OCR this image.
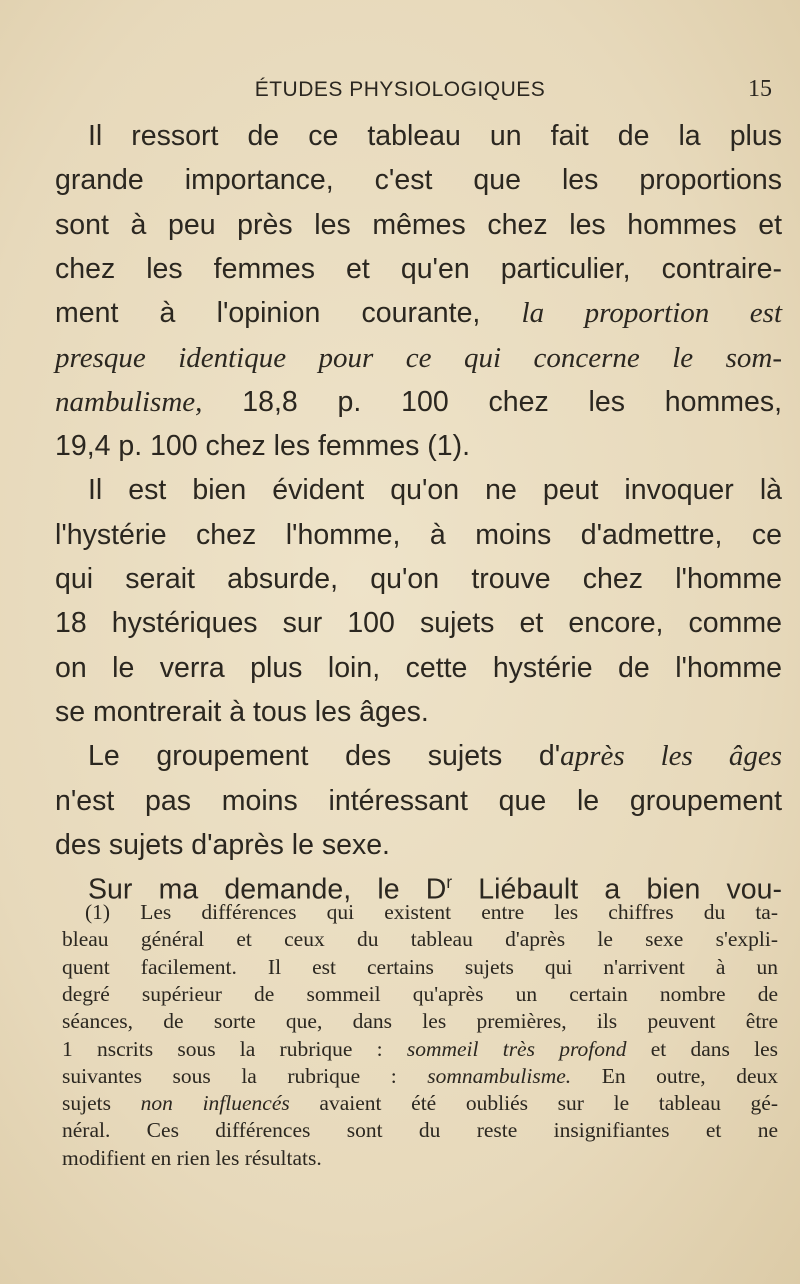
ÉTUDES PHYSIOLOGIQUES	15
Il ressort de ce tableau un fait de la plus
grande importance, c'est que les proportions
sont à peu près les mêmes chez les hommes et
chez les femmes et qu'en particulier, contraire-
ment à l'opinion courante, la proportion est
presque identique pour ce qui concerne le som-
nambulisme, 18,8 p. 100 chez les hommes,
19,4 p. 100 chez les femmes (1).
Il est bien évident qu'on ne peut invoquer là
l'hystérie chez l'homme, à moins d'admettre, ce
qui serait absurde, qu'on trouve chez l'homme
18 hystériques sur 100 sujets et encore, comme
on le verra plus loin, cette hystérie de l'homme
se montrerait à tous les âges.
Le groupement des sujets d'après les âges
n'est pas moins intéressant que le groupement
des sujets d'après le sexe.
Sur ma demande, le $D^r$ Liébault a bien vou-
(1) Les différences qui existent entre les chiffres du ta-
bleau général et ceux du tableau d'après le sexe s'expli-
quent facilement. Il est certains sujets qui n'arrivent à un
degré supérieur de sommeil qu'après un certain nombre de
séances, de sorte que, dans les premières, ils peuvent être
1 nscrits sous la rubrique : sommeil très profond et dans les
suivantes sous la rubrique : somnambulisme. En outre, deux
sujets non influencés avaient été oubliés sur le tableau gé-
néral. Ces différences sont du reste insignifiantes et ne
modifient en rien les résultats.
